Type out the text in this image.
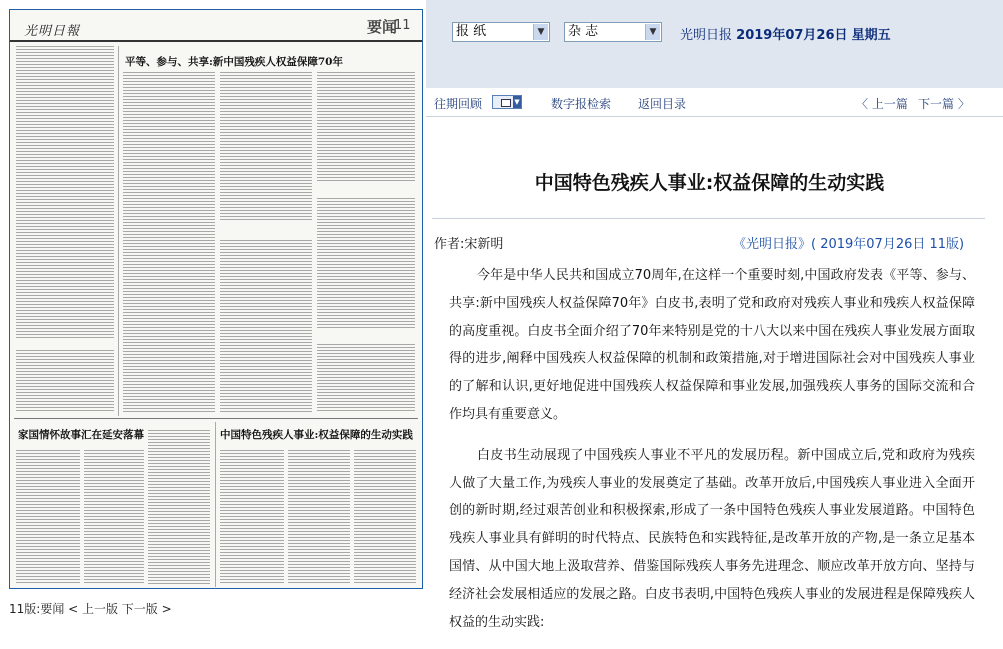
光明日報	要闻
11
平等、参与、共享:新中国残疾人权益保障70年
家国情怀故事汇在延安落幕	中国特色残疾人事业:权益保障的生动实践
11版:要闻 < 上一版 下一版 >
报 纸	▼	杂 志	▼ 光明日报 2019年07月26日 星期五
往期回顾	▼	数字报检索 返回目录	〈 上一篇 下一篇 〉
中国特色残疾人事业:权益保障的生动实践
作者:宋新明	《光明日报》( 2019年07月26日 11版)

今年是中华人民共和国成立70周年,在这样一个重要时刻,中国政府发表《平等、参与、共享:新中国残疾人权益保障70年》白皮书,表明了党和政府对残疾人事业和残疾人权益保障的高度重视。白皮书全面介绍了70年来特别是党的十八大以来中国在残疾人事业发展方面取得的进步,阐释中国残疾人权益保障的机制和政策措施,对于增进国际社会对中国残疾人事业的了解和认识,更好地促进中国残疾人权益保障和事业发展,加强残疾人事务的国际交流和合作均具有重要意义。

白皮书生动展现了中国残疾人事业不平凡的发展历程。新中国成立后,党和政府为残疾人做了大量工作,为残疾人事业的发展奠定了基础。改革开放后,中国残疾人事业进入全面开创的新时期,经过艰苦创业和积极探索,形成了一条中国特色残疾人事业发展道路。中国特色残疾人事业具有鲜明的时代特点、民族特色和实践特征,是改革开放的产物,是一条立足基本国情、从中国大地上汲取营养、借鉴国际残疾人事务先进理念、顺应改革开放方向、坚持与经济社会发展相适应的发展之路。白皮书表明,中国特色残疾人事业的发展进程是保障残疾人权益的生动实践:
